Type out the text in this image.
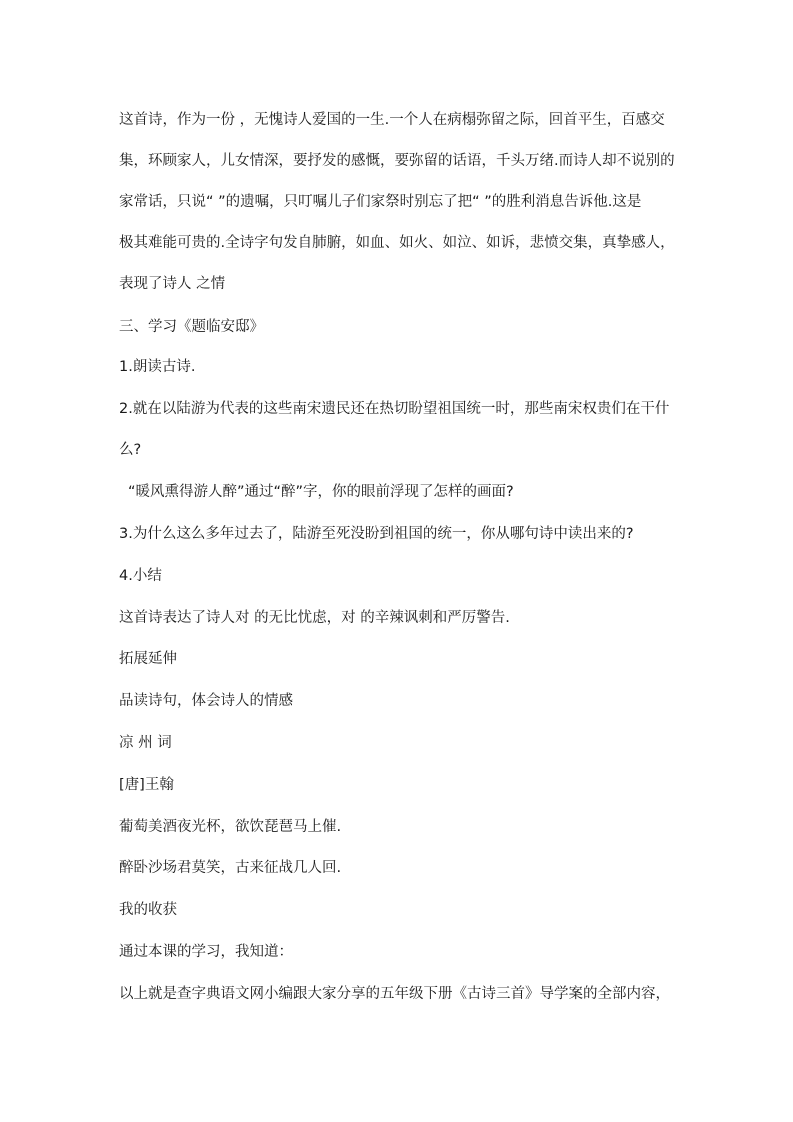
这首诗，作为一份 ，无愧诗人爱国的一生.一个人在病榻弥留之际，回首平生，百感交
集，环顾家人，儿女情深，要抒发的感慨，要弥留的话语，千头万绪.而诗人却不说别的
家常话，只说“ ”的遗嘱，只叮嘱儿子们家祭时别忘了把“ ”的胜利消息告诉他.这是
极其难能可贵的.全诗字句发自肺腑，如血、如火、如泣、如诉，悲愤交集，真挚感人，
表现了诗人 之情
三、学习《题临安邸》
1.朗读古诗.
2.就在以陆游为代表的这些南宋遗民还在热切盼望祖国统一时，那些南宋权贵们在干什
么?
“暖风熏得游人醉”通过“醉”字，你的眼前浮现了怎样的画面?
3.为什么这么多年过去了，陆游至死没盼到祖国的统一，你从哪句诗中读出来的?
4.小结
这首诗表达了诗人对 的无比忧虑，对 的辛辣讽刺和严厉警告.
拓展延伸
品读诗句，体会诗人的情感
凉 州 词
[唐]王翰
葡萄美酒夜光杯，欲饮琵琶马上催.
醉卧沙场君莫笑，古来征战几人回.
我的收获
通过本课的学习，我知道：
以上就是查字典语文网小编跟大家分享的五年级下册《古诗三首》导学案的全部内容，
